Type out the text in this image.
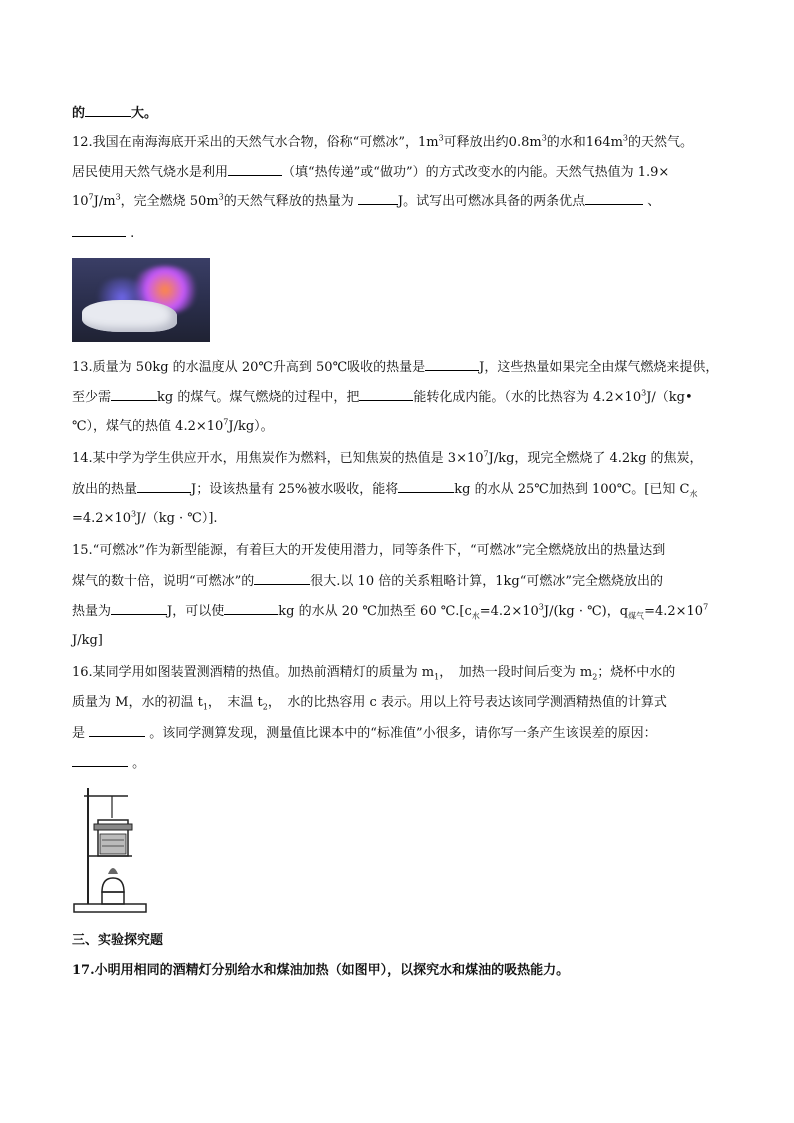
的	大。
12.我国在南海海底开采出的天然气水合物，俗称“可燃冰”，$1m^3$可释放出约$0.8m^3$的水和$164m^3$的天然气。
居民使用天然气烧水是利用	（填“热传递”或“做功”）的方式改变水的内能。天然气热值为 1.9×
$10^7J/m^3$，完全燃烧 $50m^3$的天然气释放的热量为	J。试写出可燃冰具备的两条优点	、
.
13.质量为 50kg 的水温度从 20℃升高到 50℃吸收的热量是	J，这些热量如果完全由煤气燃烧来提供，
至少需	kg 的煤气。煤气燃烧的过程中，把	能转化成内能。（水的比热容为 $4.2\times 10^3J/(kg•$
℃），煤气的热值 $4.2\times 10^7J/kg$）。
14.某中学为学生供应开水，用焦炭作为燃料，已知焦炭的热值是 $3\times 10^7J/kg$，现完全燃烧了 4.2kg 的焦炭，
放出的热量	J；设该热量有 25%被水吸收，能将	kg 的水从 25℃加热到 100℃。[已知 $C_水$
$=4.2\times 10^3J/(kg$ · ℃）].
15.“可燃冰”作为新型能源，有着巨大的开发使用潜力，同等条件下，“可燃冰”完全燃烧放出的热量达到
煤气的数十倍，说明“可燃冰”的	很大.以 10 倍的关系粗略计算，1kg“可燃冰”完全燃烧放出的
热量为	J，可以使	kg 的水从 20 ℃加热至 60 $℃.[c_水=4.2\times 10^3J/(kg$ · ℃)，$q_{煤气}=4.2\times 10^7$
J/kg]
16.某同学用如图装置测酒精的热值。加热前酒精灯的质量为 $m_1$，　加热一段时间后变为 $m_2$；烧杯中水的
质量为 M，水的初温 $t_1$，　末温 $t_2$，　水的比热容用 c 表示。用以上符号表达该同学测酒精热值的计算式
是	。该同学测算发现，测量值比课本中的“标准值”小很多，请你写一条产生该误差的原因：
。
三、实验探究题
17.小明用相同的酒精灯分别给水和煤油加热（如图甲），以探究水和煤油的吸热能力。
